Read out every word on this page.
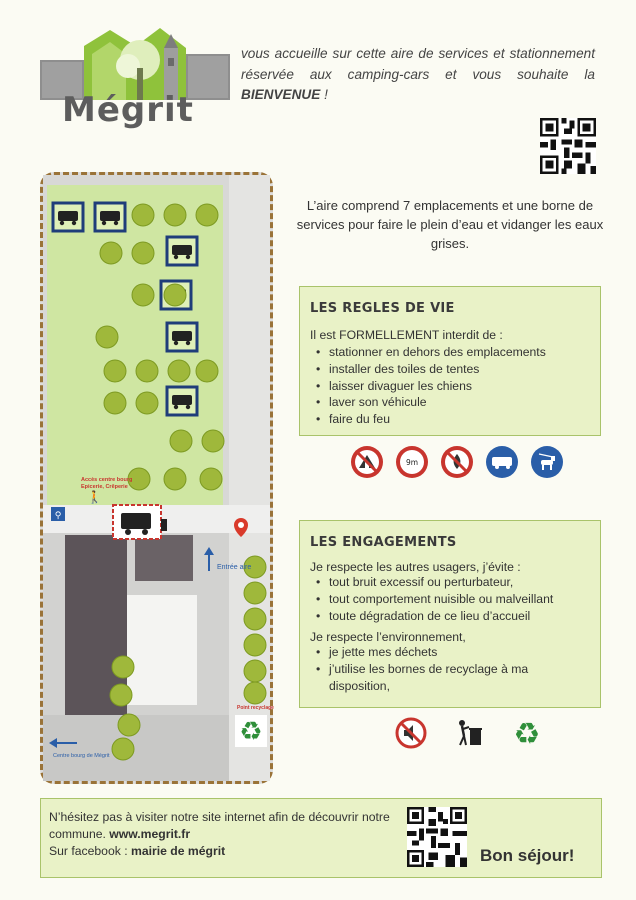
Mégrit
vous accueille sur cette aire de services et stationnement réservée aux camping-cars et vous souhaite la BIENVENUE !
⚲
🚶
♻
Accès centre bourg
Epicerie, Crêperie
Entrée aire
Point recyclage
Centre bourg de Mégrit
L’aire comprend 7 emplacements et une borne de services pour faire le plein d’eau et vidanger les eaux grises.
LES REGLES DE VIE
Il est FORMELLEMENT interdit de :
• stationner en dehors des emplacements
• installer des toiles de tentes
• laisser divaguer les chiens
• laver son véhicule
• faire du feu
9m
LES ENGAGEMENTS
Je respecte les autres usagers, j’évite :
• tout bruit excessif ou perturbateur,
• tout comportement nuisible ou malveillant
• toute dégradation de ce lieu d’accueil
Je respecte l’environnement,
• je jette mes déchets
• j’utilise les bornes de recyclage à ma disposition,
♻
N’hésitez pas à visiter notre site internet afin de découvrir notre commune. www.megrit.fr
Sur facebook : mairie de mégrit	Bon séjour!
